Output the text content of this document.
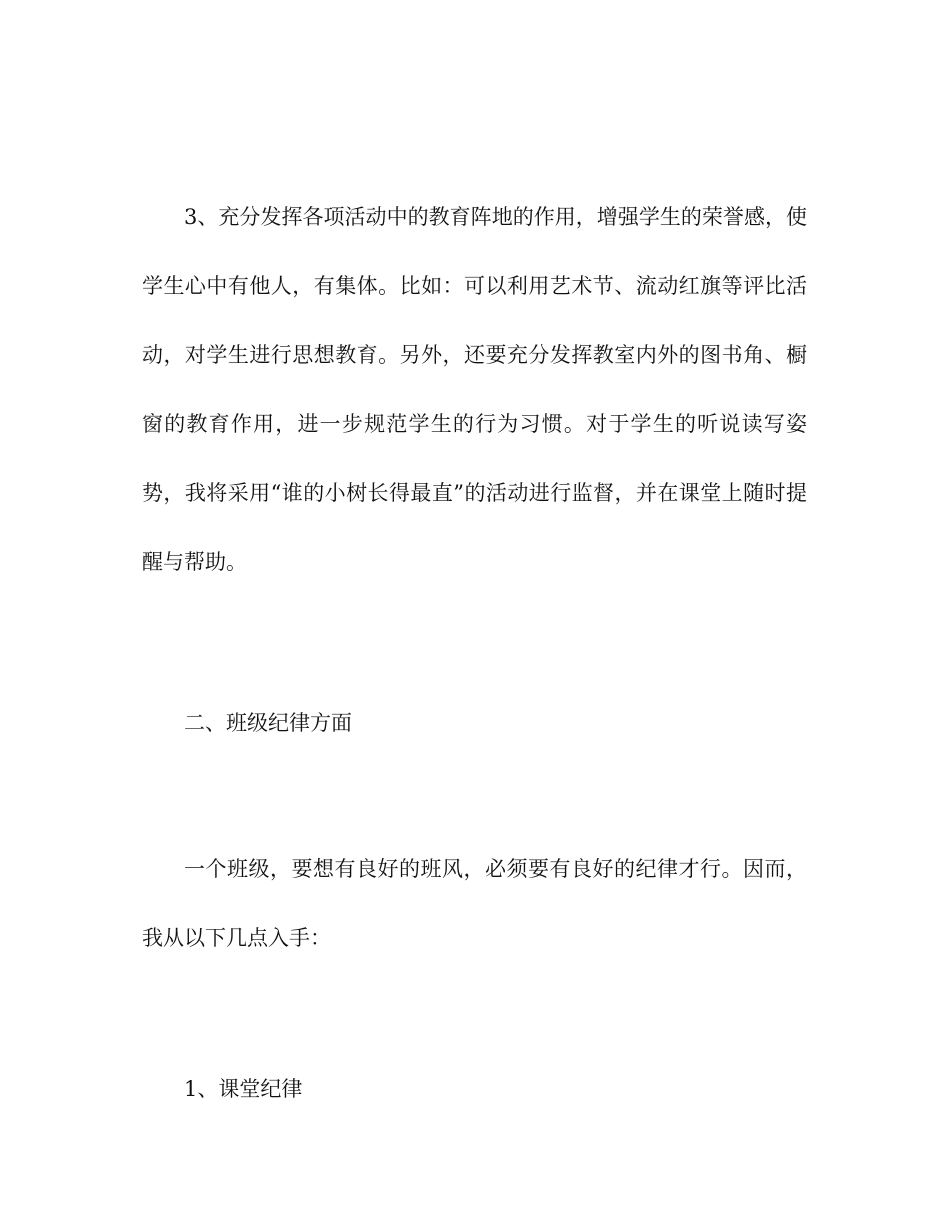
3、充分发挥各项活动中的教育阵地的作用，增强学生的荣誉感，使学生心中有他人，有集体。比如：可以利用艺术节、流动红旗等评比活动，对学生进行思想教育。另外，还要充分发挥教室内外的图书角、橱窗的教育作用，进一步规范学生的行为习惯。对于学生的听说读写姿势，我将采用“谁的小树长得最直”的活动进行监督，并在课堂上随时提醒与帮助。

二、班级纪律方面

一个班级，要想有良好的班风，必须要有良好的纪律才行。因而，我从以下几点入手：

1、课堂纪律
